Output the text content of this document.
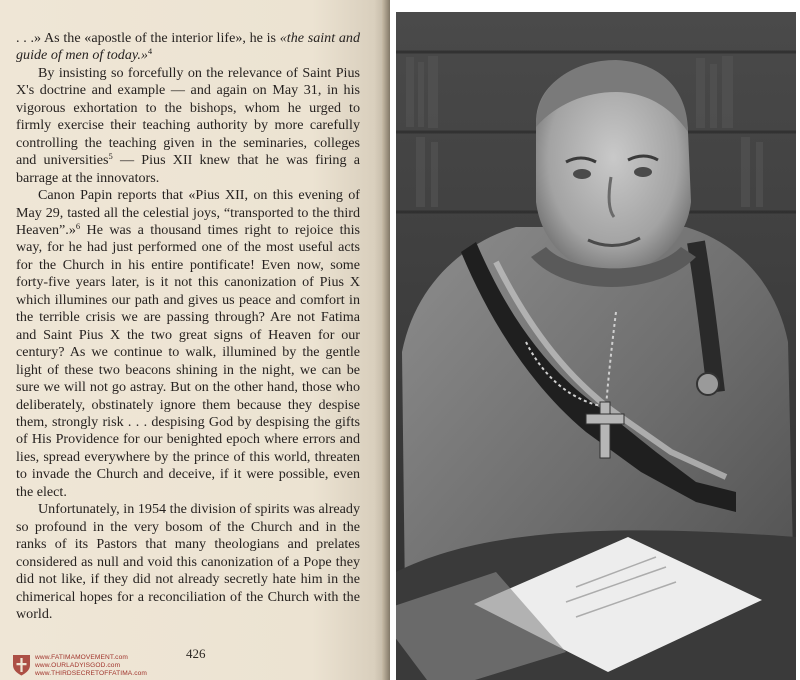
. . .» As the «apostle of the interior life», he is «the saint and guide of men of today.»$^4$

By insisting so forcefully on the relevance of Saint Pius X's doctrine and example — and again on May 31, in his vigorous exhortation to the bishops, whom he urged to firmly exercise their teaching authority by more carefully controlling the teaching given in the seminaries, colleges and universities$^5$ — Pius XII knew that he was firing a barrage at the innovators.

Canon Papin reports that «Pius XII, on this evening of May 29, tasted all the celestial joys, “transported to the third Heaven”.»$^6$ He was a thousand times right to rejoice this way, for he had just performed one of the most useful acts for the Church in his entire pontificate! Even now, some forty-five years later, is it not this canonization of Pius X which illumines our path and gives us peace and comfort in the terrible crisis we are passing through? Are not Fatima and Saint Pius X the two great signs of Heaven for our century? As we continue to walk, illumined by the gentle light of these two beacons shining in the night, we can be sure we will not go astray. But on the other hand, those who deliberately, obstinately ignore them because they despise them, strongly risk . . . despising God by despising the gifts of His Providence for our benighted epoch where errors and lies, spread everywhere by the prince of this world, threaten to invade the Church and deceive, if it were possible, even the elect.

Unfortunately, in 1954 the division of spirits was already so profound in the very bosom of the Church and in the ranks of its Pastors that many theologians and prelates considered as null and void this canonization of a Pope they did not like, if they did not already secretly hate him in the chimerical hopes for a reconciliation of the Church with the world.

426
www.FATIMAMOVEMENT.com
www.OURLADYISGOD.com
www.THIRDSECRETOFFATIMA.com
